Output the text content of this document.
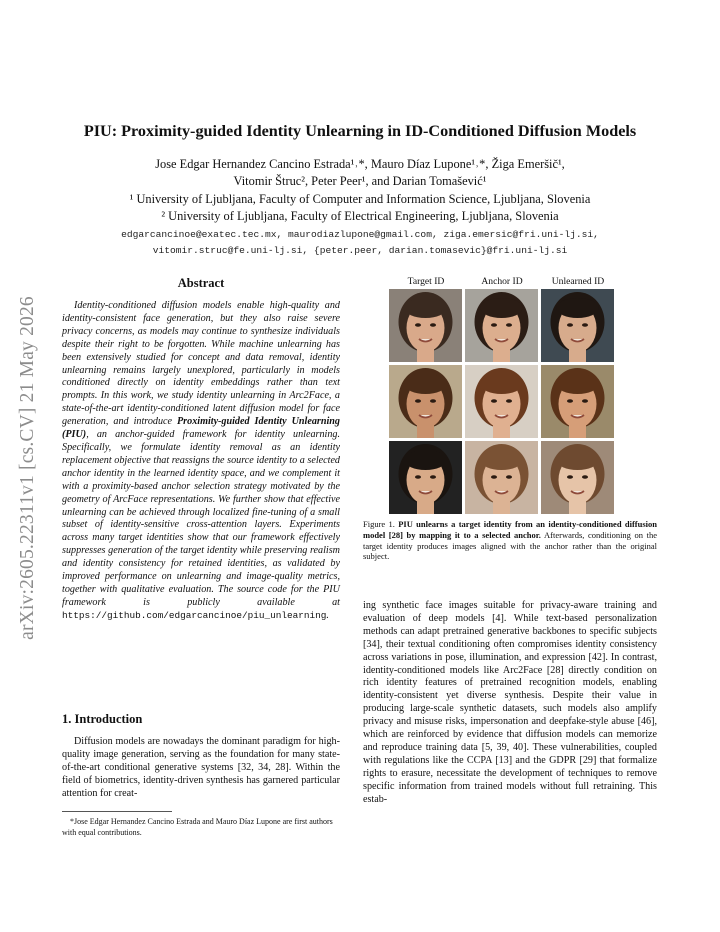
arXiv:2605.22311v1 [cs.CV] 21 May 2026
PIU: Proximity-guided Identity Unlearning in ID-Conditioned Diffusion Models
Jose Edgar Hernandez Cancino Estrada¹˒*, Mauro Díaz Lupone¹˒*, Žiga Emeršič¹,
Vitomir Štruc², Peter Peer¹, and Darian Tomašević¹
¹ University of Ljubljana, Faculty of Computer and Information Science, Ljubljana, Slovenia
² University of Ljubljana, Faculty of Electrical Engineering, Ljubljana, Slovenia
edgarcancinoe@exatec.tec.mx, maurodiazlupone@gmail.com, ziga.emersic@fri.uni-lj.si,
vitomir.struc@fe.uni-lj.si, {peter.peer, darian.tomasevic}@fri.uni-lj.si
Abstract

Identity-conditioned diffusion models enable high-quality and identity-consistent face generation, but they also raise severe privacy concerns, as models may continue to synthesize individuals despite their right to be forgotten. While machine unlearning has been extensively studied for concept and data removal, identity unlearning remains largely unexplored, particularly in models conditioned directly on identity embeddings rather than text prompts. In this work, we study identity unlearning in Arc2Face, a state-of-the-art identity-conditioned latent diffusion model for face generation, and introduce Proximity-guided Identity Unlearning (PIU), an anchor-guided framework for identity unlearning. Specifically, we formulate identity removal as an identity replacement objective that reassigns the source identity to a selected anchor identity in the learned identity space, and we complement it with a proximity-based anchor selection strategy motivated by the geometry of ArcFace representations. We further show that effective unlearning can be achieved through localized fine-tuning of a small subset of identity-sensitive cross-attention layers. Experiments across many target identities show that our framework effectively suppresses generation of the target identity while preserving realism and identity consistency for retained identities, as validated by improved performance on unlearning and image-quality metrics, together with qualitative evaluation. The source code for the PIU framework is publicly available at https://github.com/edgarcancinoe/piu_unlearning.

1. Introduction

Diffusion models are nowadays the dominant paradigm for high-quality image generation, serving as the foundation for many state-of-the-art conditional generative systems [32, 34, 28]. Within the field of biometrics, identity-driven synthesis has garnered particular attention for creat-

*Jose Edgar Hernandez Cancino Estrada and Mauro Díaz Lupone are first authors with equal contributions.
Target ID	Anchor ID	Unlearned ID

Figure 1. PIU unlearns a target identity from an identity-conditioned diffusion model [28] by mapping it to a selected anchor. Afterwards, conditioning on the target identity produces images aligned with the anchor rather than the original subject.

ing synthetic face images suitable for privacy-aware training and evaluation of deep models [4]. While text-based personalization methods can adapt pretrained generative backbones to specific subjects [34], their textual conditioning often compromises identity consistency across variations in pose, illumination, and expression [42]. In contrast, identity-conditioned models like Arc2Face [28] directly condition on rich identity features of pretrained recognition models, enabling identity-consistent yet diverse synthesis. Despite their value in producing large-scale synthetic datasets, such models also amplify privacy and misuse risks, impersonation and deepfake-style abuse [46], which are reinforced by evidence that diffusion models can memorize and reproduce training data [5, 39, 40]. These vulnerabilities, coupled with regulations like the CCPA [13] and the GDPR [29] that formalize rights to erasure, necessitate the development of techniques to remove specific information from trained models without full retraining. This estab-
